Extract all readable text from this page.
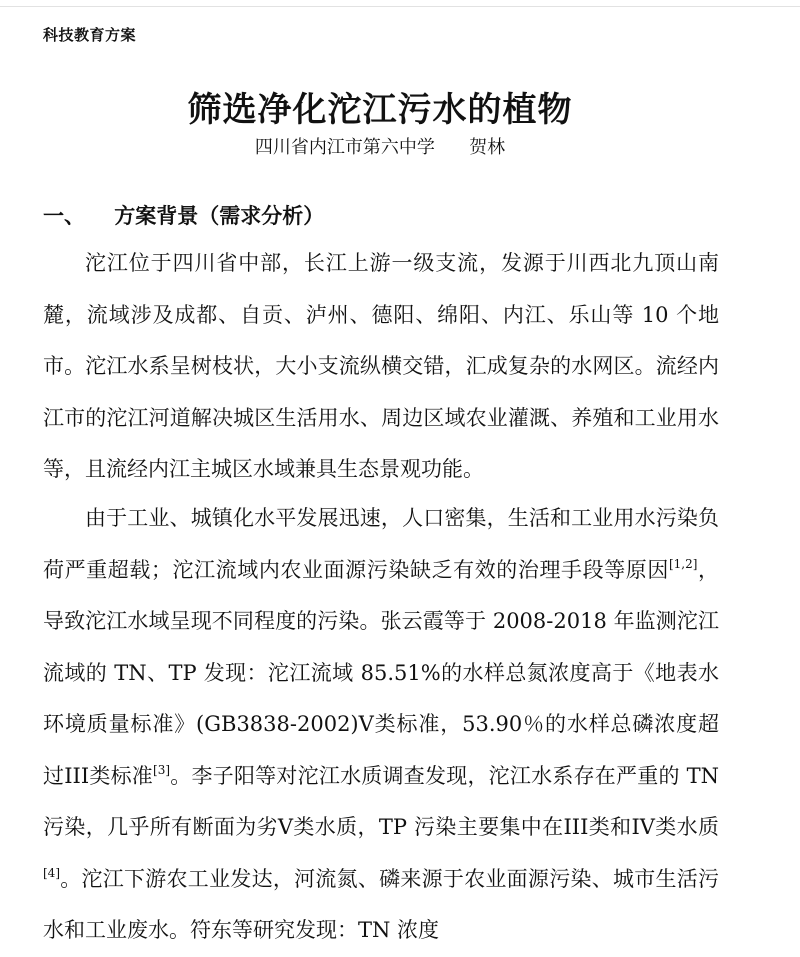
科技教育方案
筛选净化沱江污水的植物
四川省内江市第六中学 贺林
一、 方案背景（需求分析）

沱江位于四川省中部，长江上游一级支流，发源于川西北九顶山南麓，流域涉及成都、自贡、泸州、德阳、绵阳、内江、乐山等 10 个地市。沱江水系呈树枝状，大小支流纵横交错，汇成复杂的水网区。流经内江市的沱江河道解决城区生活用水、周边区域农业灌溉、养殖和工业用水等，且流经内江主城区水域兼具生态景观功能。

由于工业、城镇化水平发展迅速，人口密集，生活和工业用水污染负荷严重超载；沱江流域内农业面源污染缺乏有效的治理手段等原因[1,2]，导致沱江水域呈现不同程度的污染。张云霞等于 2008-2018 年监测沱江流域的 TN、TP 发现：沱江流域 85.51%的水样总氮浓度高于《地表水环境质量标准》(GB3838-2002)V类标准，53.90％的水样总磷浓度超过III类标准[3]。李子阳等对沱江水质调查发现，沱江水系存在严重的 TN 污染，几乎所有断面为劣V类水质，TP 污染主要集中在III类和IV类水质[4]。沱江下游农工业发达，河流氮、磷来源于农业面源污染、城市生活污水和工业废水。符东等研究发现：TN 浓度
